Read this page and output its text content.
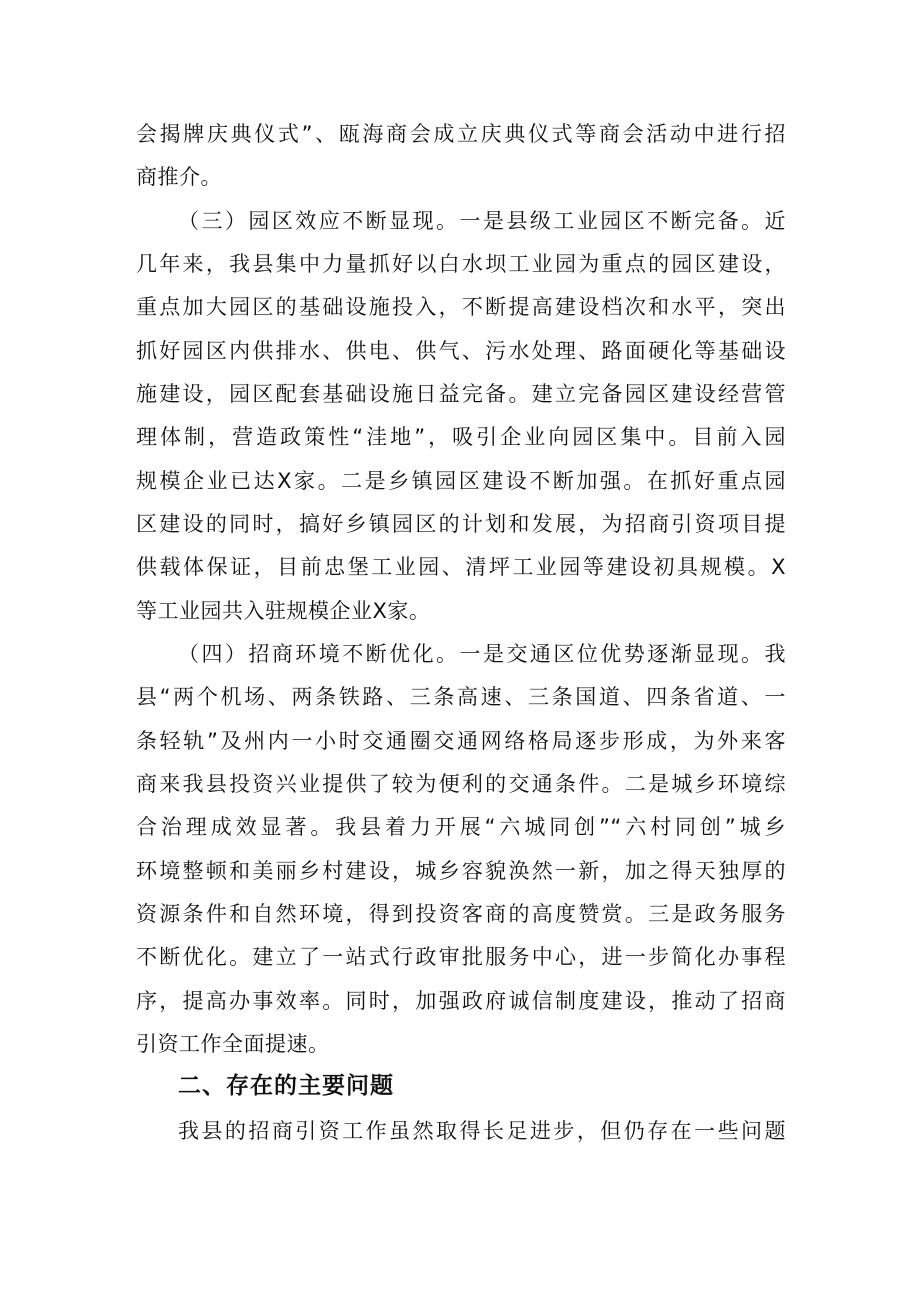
会揭牌庆典仪式”、瓯海商会成立庆典仪式等商会活动中进行招
商推介。
（三）园区效应不断显现。一是县级工业园区不断完备。近
几年来，我县集中力量抓好以白水坝工业园为重点的园区建设，
重点加大园区的基础设施投入，不断提高建设档次和水平，突出
抓好园区内供排水、供电、供气、污水处理、路面硬化等基础设
施建设，园区配套基础设施日益完备。建立完备园区建设经营管
理体制，营造政策性“洼地”，吸引企业向园区集中。目前入园
规模企业已达X家。二是乡镇园区建设不断加强。在抓好重点园
区建设的同时，搞好乡镇园区的计划和发展，为招商引资项目提
供载体保证，目前忠堡工业园、清坪工业园等建设初具规模。X
等工业园共入驻规模企业X家。
（四）招商环境不断优化。一是交通区位优势逐渐显现。我
县“两个机场、两条铁路、三条高速、三条国道、四条省道、一
条轻轨”及州内一小时交通圈交通网络格局逐步形成，为外来客
商来我县投资兴业提供了较为便利的交通条件。二是城乡环境综
合治理成效显著。我县着力开展“六城同创”“六村同创”城乡
环境整顿和美丽乡村建设，城乡容貌涣然一新，加之得天独厚的
资源条件和自然环境，得到投资客商的高度赞赏。三是政务服务
不断优化。建立了一站式行政审批服务中心，进一步简化办事程
序，提高办事效率。同时，加强政府诚信制度建设，推动了招商
引资工作全面提速。
二、存在的主要问题
我县的招商引资工作虽然取得长足进步，但仍存在一些问题
